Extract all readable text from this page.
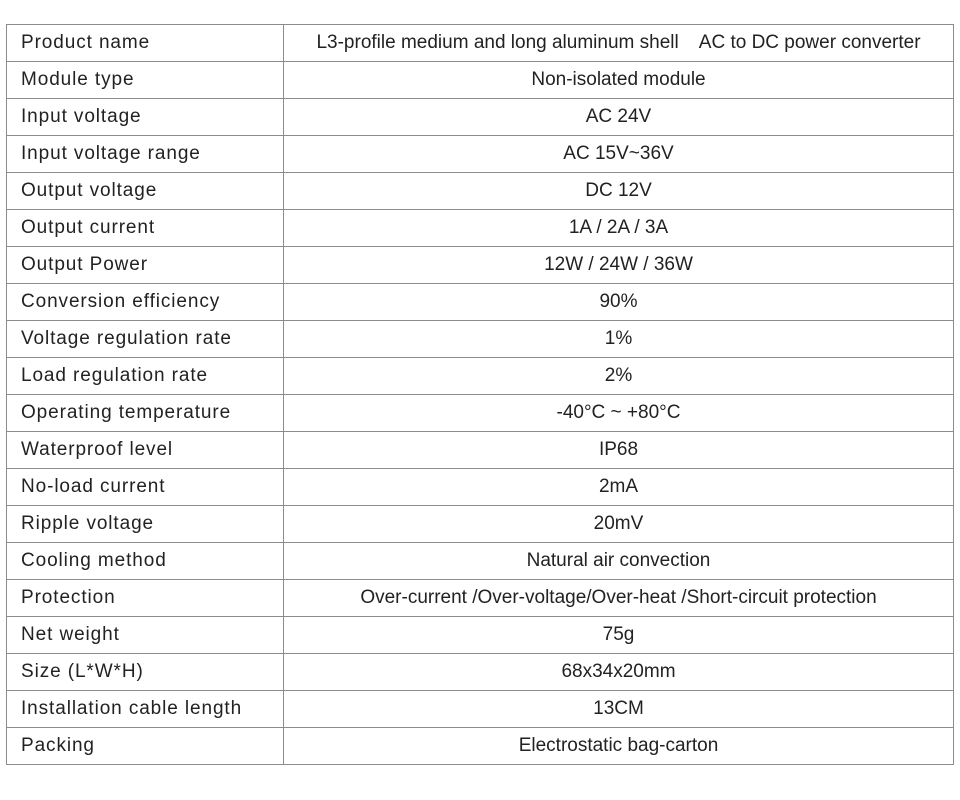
Product name	L3-profile medium and long aluminum shell    AC to DC power converter
Module type	Non-isolated module
Input voltage	AC 24V
Input voltage range	AC 15V~36V
Output voltage	DC 12V
Output current	1A / 2A / 3A
Output Power	12W / 24W / 36W
Conversion efficiency	90%
Voltage regulation rate	1%
Load regulation rate	2%
Operating temperature	-40°C ~ +80°C
Waterproof level	IP68
No-load current	2mA
Ripple voltage	20mV
Cooling method	Natural air convection
Protection	Over-current /Over-voltage/Over-heat /Short-circuit protection
Net weight	75g
Size (L*W*H)	68x34x20mm
Installation cable length	13CM
Packing	Electrostatic bag-carton
